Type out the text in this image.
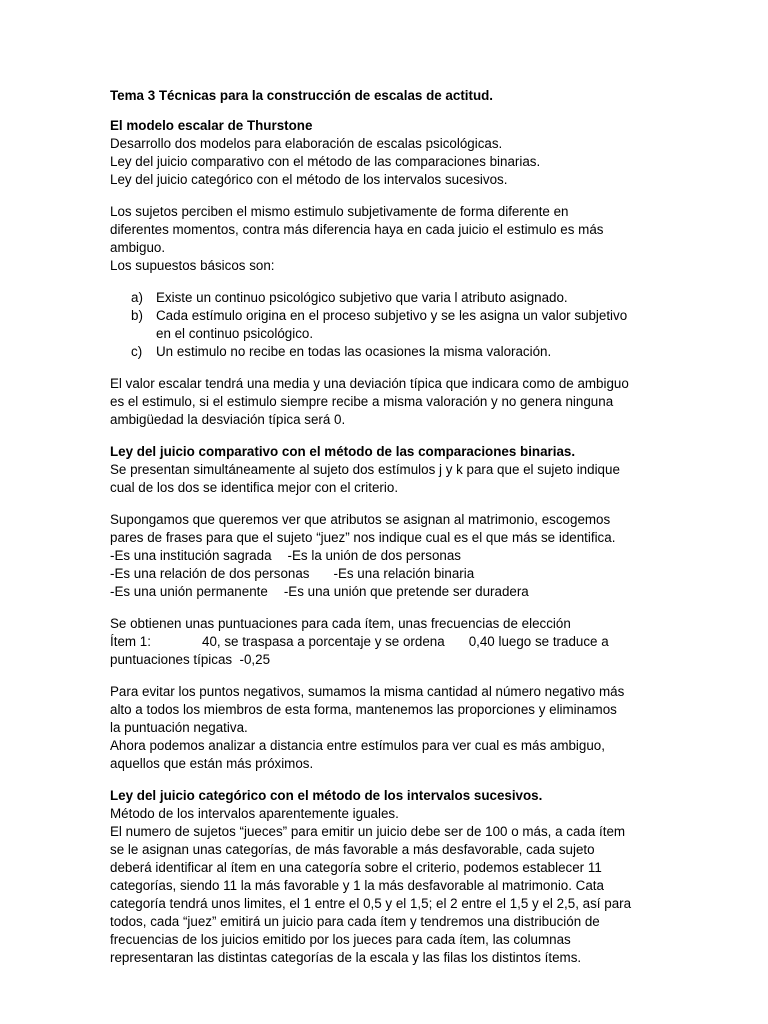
Tema 3 Técnicas para la construcción de escalas de actitud.

El modelo escalar de Thurstone
Desarrollo dos modelos para elaboración de escalas psicológicas.
Ley del juicio comparativo con el método de las comparaciones binarias.
Ley del juicio categórico con el método de los intervalos sucesivos.

Los sujetos perciben el mismo estimulo subjetivamente de forma diferente en
diferentes momentos, contra más diferencia haya en cada juicio el estimulo es más
ambiguo.
Los supuestos básicos son:

a) Existe un continuo psicológico subjetivo que varia l atributo asignado.
b) Cada estímulo origina en el proceso subjetivo y se les asigna un valor subjetivo
en el continuo psicológico.
c) Un estimulo no recibe en todas las ocasiones la misma valoración.

El valor escalar tendrá una media y una deviación típica que indicara como de ambiguo
es el estimulo, si el estimulo siempre recibe a misma valoración y no genera ninguna
ambigüedad la desviación típica será 0.

Ley del juicio comparativo con el método de las comparaciones binarias.
Se presentan simultáneamente al sujeto dos estímulos j y k para que el sujeto indique
cual de los dos se identifica mejor con el criterio.

Supongamos que queremos ver que atributos se asignan al matrimonio, escogemos
pares de frases para que el sujeto “juez” nos indique cual es el que más se identifica.
-Es una institución sagrada -Es la unión de dos personas
-Es una relación de dos personas -Es una relación binaria
-Es una unión permanente -Es una unión que pretende ser duradera

Se obtienen unas puntuaciones para cada ítem, unas frecuencias de elección
Ítem 1:	40, se traspasa a porcentaje y se ordena 0,40 luego se traduce a
puntuaciones típicas  -0,25

Para evitar los puntos negativos, sumamos la misma cantidad al número negativo más
alto a todos los miembros de esta forma, mantenemos las proporciones y eliminamos
la puntuación negativa.
Ahora podemos analizar a distancia entre estímulos para ver cual es más ambiguo,
aquellos que están más próximos.

Ley del juicio categórico con el método de los intervalos sucesivos.
Método de los intervalos aparentemente iguales.
El numero de sujetos “jueces” para emitir un juicio debe ser de 100 o más, a cada ítem
se le asignan unas categorías, de más favorable a más desfavorable, cada sujeto
deberá identificar al ítem en una categoría sobre el criterio, podemos establecer 11
categorías, siendo 11 la más favorable y 1 la más desfavorable al matrimonio. Cata
categoría tendrá unos limites, el 1 entre el 0,5 y el 1,5; el 2 entre el 1,5 y el 2,5, así para
todos, cada “juez” emitirá un juicio para cada ítem y tendremos una distribución de
frecuencias de los juicios emitido por los jueces para cada ítem, las columnas
representaran las distintas categorías de la escala y las filas los distintos ítems.
